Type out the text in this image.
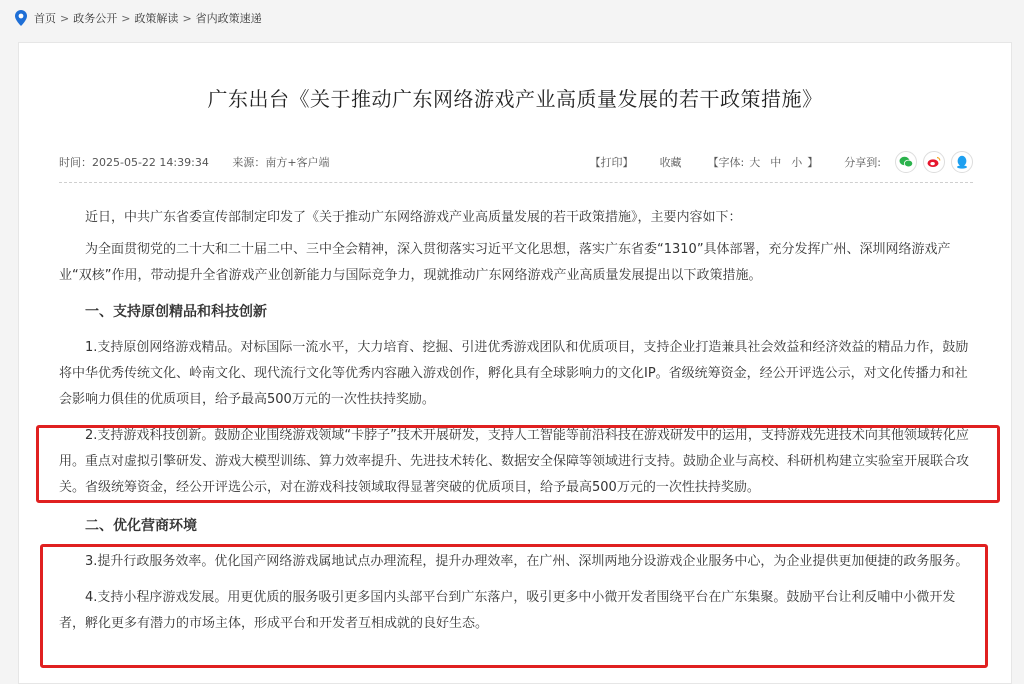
首页 > 政务公开 > 政策解读 > 省内政策速递
广东出台《关于推动广东网络游戏产业高质量发展的若干政策措施》
时间：2025-05-22 14:39:34 来源：南方+客户端	【打印】 收藏 【字体: 大 中 小 】 分享到:

近日，中共广东省委宣传部制定印发了《关于推动广东网络游戏产业高质量发展的若干政策措施》，主要内容如下：

为全面贯彻党的二十大和二十届二中、三中全会精神，深入贯彻落实习近平文化思想，落实广东省委“1310”具体部署，充分发挥广州、深圳网络游戏产业“双核”作用，带动提升全省游戏产业创新能力与国际竞争力，现就推动广东网络游戏产业高质量发展提出以下政策措施。

一、支持原创精品和科技创新

1.支持原创网络游戏精品。对标国际一流水平，大力培育、挖掘、引进优秀游戏团队和优质项目，支持企业打造兼具社会效益和经济效益的精品力作，鼓励将中华优秀传统文化、岭南文化、现代流行文化等优秀内容融入游戏创作，孵化具有全球影响力的文化IP。省级统筹资金，经公开评选公示，对文化传播力和社会影响力俱佳的优质项目，给予最高500万元的一次性扶持奖励。

2.支持游戏科技创新。鼓励企业围绕游戏领域“卡脖子”技术开展研发，支持人工智能等前沿科技在游戏研发中的运用，支持游戏先进技术向其他领域转化应用。重点对虚拟引擎研发、游戏大模型训练、算力效率提升、先进技术转化、数据安全保障等领域进行支持。鼓励企业与高校、科研机构建立实验室开展联合攻关。省级统筹资金，经公开评选公示，对在游戏科技领域取得显著突破的优质项目，给予最高500万元的一次性扶持奖励。

二、优化营商环境

3.提升行政服务效率。优化国产网络游戏属地试点办理流程，提升办理效率，在广州、深圳两地分设游戏企业服务中心，为企业提供更加便捷的政务服务。

4.支持小程序游戏发展。用更优质的服务吸引更多国内头部平台到广东落户，吸引更多中小微开发者围绕平台在广东集聚。鼓励平台让利反哺中小微开发者，孵化更多有潜力的市场主体，形成平台和开发者互相成就的良好生态。
